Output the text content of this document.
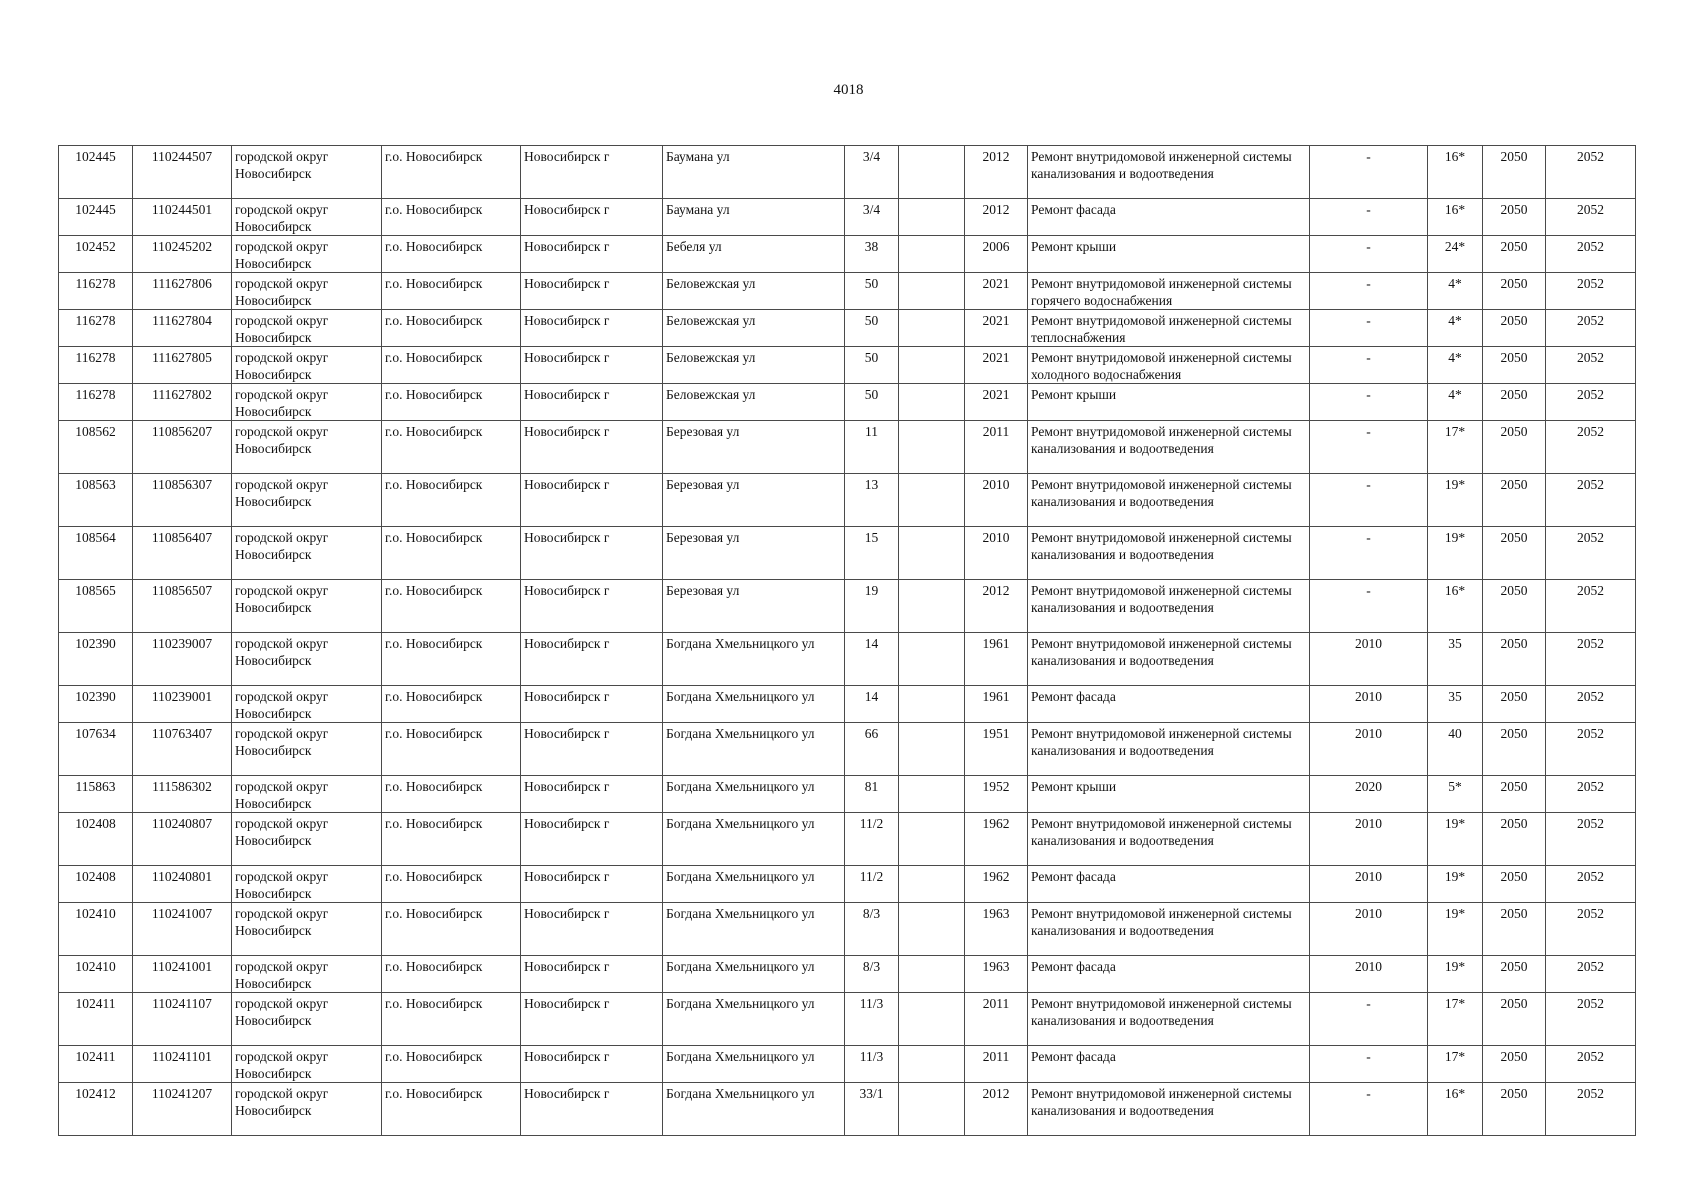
4018
102445	110244507	городской округ Новосибирск	г.о. Новосибирск	Новосибирск г	Баумана ул	3/4		2012	Ремонт внутридомовой инженерной системы канализования и водоотведения	-	16*	2050	2052
102445	110244501	городской округ Новосибирск	г.о. Новосибирск	Новосибирск г	Баумана ул	3/4		2012	Ремонт фасада	-	16*	2050	2052
102452	110245202	городской округ Новосибирск	г.о. Новосибирск	Новосибирск г	Бебеля ул	38		2006	Ремонт крыши	-	24*	2050	2052
116278	111627806	городской округ Новосибирск	г.о. Новосибирск	Новосибирск г	Беловежская ул	50		2021	Ремонт внутридомовой инженерной системы горячего водоснабжения	-	4*	2050	2052
116278	111627804	городской округ Новосибирск	г.о. Новосибирск	Новосибирск г	Беловежская ул	50		2021	Ремонт внутридомовой инженерной системы теплоснабжения	-	4*	2050	2052
116278	111627805	городской округ Новосибирск	г.о. Новосибирск	Новосибирск г	Беловежская ул	50		2021	Ремонт внутридомовой инженерной системы холодного водоснабжения	-	4*	2050	2052
116278	111627802	городской округ Новосибирск	г.о. Новосибирск	Новосибирск г	Беловежская ул	50		2021	Ремонт крыши	-	4*	2050	2052
108562	110856207	городской округ Новосибирск	г.о. Новосибирск	Новосибирск г	Березовая ул	11		2011	Ремонт внутридомовой инженерной системы канализования и водоотведения	-	17*	2050	2052
108563	110856307	городской округ Новосибирск	г.о. Новосибирск	Новосибирск г	Березовая ул	13		2010	Ремонт внутридомовой инженерной системы канализования и водоотведения	-	19*	2050	2052
108564	110856407	городской округ Новосибирск	г.о. Новосибирск	Новосибирск г	Березовая ул	15		2010	Ремонт внутридомовой инженерной системы канализования и водоотведения	-	19*	2050	2052
108565	110856507	городской округ Новосибирск	г.о. Новосибирск	Новосибирск г	Березовая ул	19		2012	Ремонт внутридомовой инженерной системы канализования и водоотведения	-	16*	2050	2052
102390	110239007	городской округ Новосибирск	г.о. Новосибирск	Новосибирск г	Богдана Хмельницкого ул	14		1961	Ремонт внутридомовой инженерной системы канализования и водоотведения	2010	35	2050	2052
102390	110239001	городской округ Новосибирск	г.о. Новосибирск	Новосибирск г	Богдана Хмельницкого ул	14		1961	Ремонт фасада	2010	35	2050	2052
107634	110763407	городской округ Новосибирск	г.о. Новосибирск	Новосибирск г	Богдана Хмельницкого ул	66		1951	Ремонт внутридомовой инженерной системы канализования и водоотведения	2010	40	2050	2052
115863	111586302	городской округ Новосибирск	г.о. Новосибирск	Новосибирск г	Богдана Хмельницкого ул	81		1952	Ремонт крыши	2020	5*	2050	2052
102408	110240807	городской округ Новосибирск	г.о. Новосибирск	Новосибирск г	Богдана Хмельницкого ул	11/2		1962	Ремонт внутридомовой инженерной системы канализования и водоотведения	2010	19*	2050	2052
102408	110240801	городской округ Новосибирск	г.о. Новосибирск	Новосибирск г	Богдана Хмельницкого ул	11/2		1962	Ремонт фасада	2010	19*	2050	2052
102410	110241007	городской округ Новосибирск	г.о. Новосибирск	Новосибирск г	Богдана Хмельницкого ул	8/3		1963	Ремонт внутридомовой инженерной системы канализования и водоотведения	2010	19*	2050	2052
102410	110241001	городской округ Новосибирск	г.о. Новосибирск	Новосибирск г	Богдана Хмельницкого ул	8/3		1963	Ремонт фасада	2010	19*	2050	2052
102411	110241107	городской округ Новосибирск	г.о. Новосибирск	Новосибирск г	Богдана Хмельницкого ул	11/3		2011	Ремонт внутридомовой инженерной системы канализования и водоотведения	-	17*	2050	2052
102411	110241101	городской округ Новосибирск	г.о. Новосибирск	Новосибирск г	Богдана Хмельницкого ул	11/3		2011	Ремонт фасада	-	17*	2050	2052
102412	110241207	городской округ Новосибирск	г.о. Новосибирск	Новосибирск г	Богдана Хмельницкого ул	33/1		2012	Ремонт внутридомовой инженерной системы канализования и водоотведения	-	16*	2050	2052
